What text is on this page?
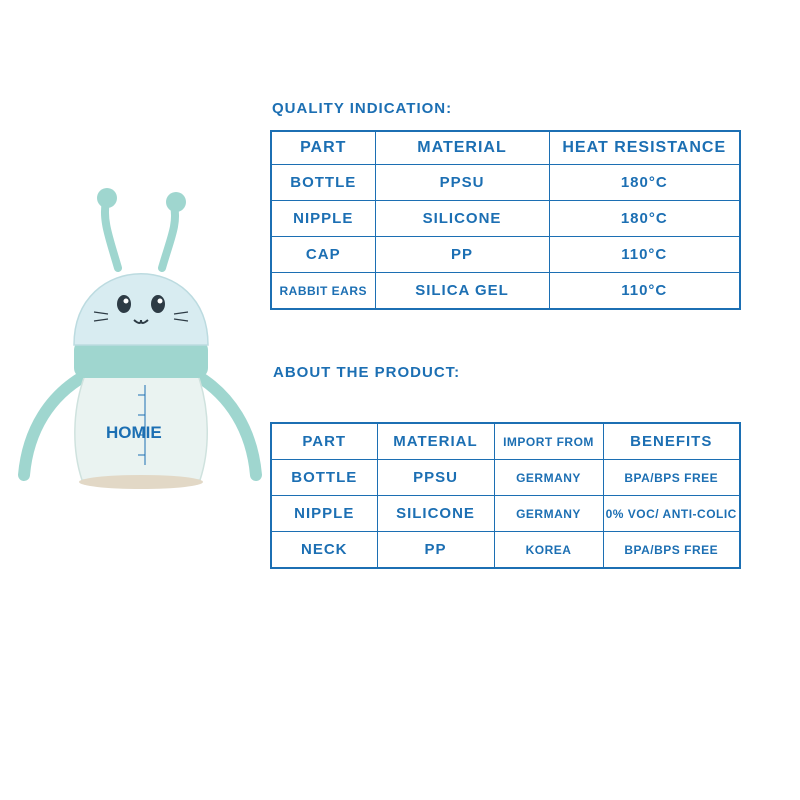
HOMIE
QUALITY INDICATION:
PART	MATERIAL	HEAT RESISTANCE
BOTTLE	PPSU	180°C
NIPPLE	SILICONE	180°C
CAP	PP	110°C
RABBIT EARS	SILICA GEL	110°C
ABOUT THE PRODUCT:
PART	MATERIAL	IMPORT FROM	BENEFITS
BOTTLE	PPSU	GERMANY	BPA/BPS FREE
NIPPLE	SILICONE	GERMANY	0% VOC/ ANTI-COLIC
NECK	PP	KOREA	BPA/BPS FREE
